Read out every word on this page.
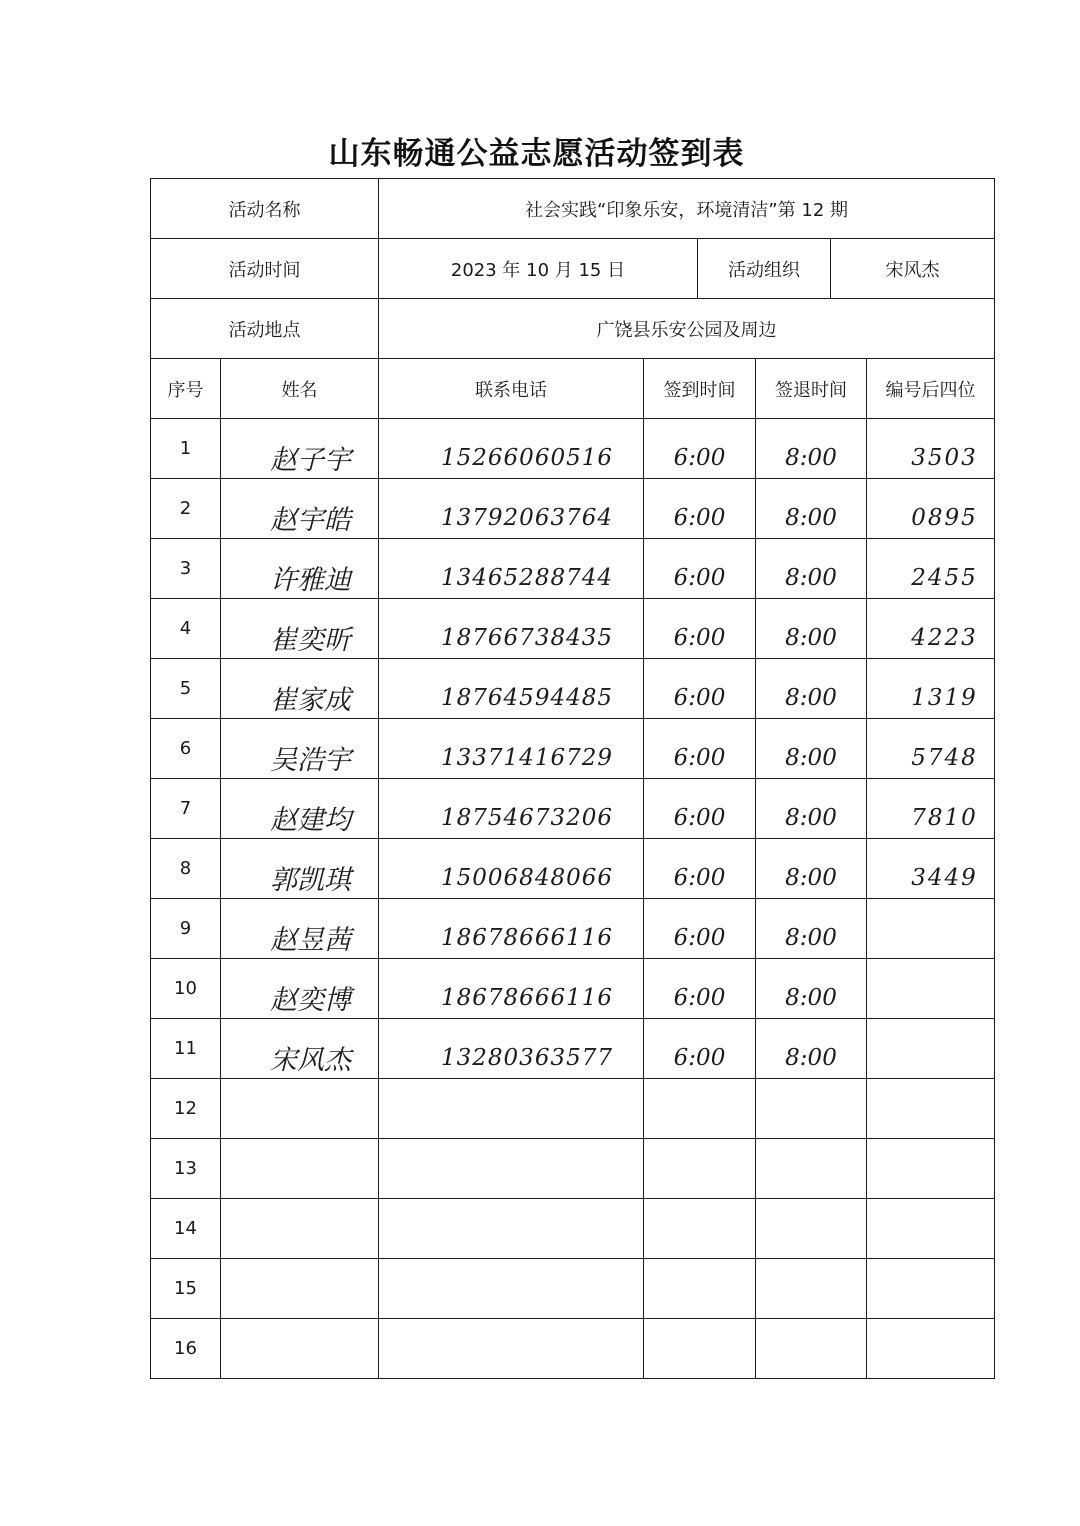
山东畅通公益志愿活动签到表
活动名称		社会实践“印象乐安，环境清洁”第 12 期					
活动时间		2023 年 10 月 15 日		活动组织		宋风杰	
活动地点		广饶县乐安公园及周边					
序号	姓名	联系电话	签到时间		签退时间		编号后四位
1	赵子宇	15266060516	6:00		8:00		3503
2	赵宇皓	13792063764	6:00		8:00		0895
3	许雅迪	13465288744	6:00		8:00		2455
4	崔奕昕	18766738435	6:00		8:00		4223
5	崔家成	18764594485	6:00		8:00		1319
6	吴浩宇	13371416729	6:00		8:00		5748
7	赵建均	18754673206	6:00		8:00		7810
8	郭凯琪	15006848066	6:00		8:00		3449
9	赵昱茜	18678666116	6:00		8:00		
10	赵奕博	18678666116	6:00		8:00		
11	宋风杰	13280363577	6:00		8:00		
12							
13							
14							
15							
16							
